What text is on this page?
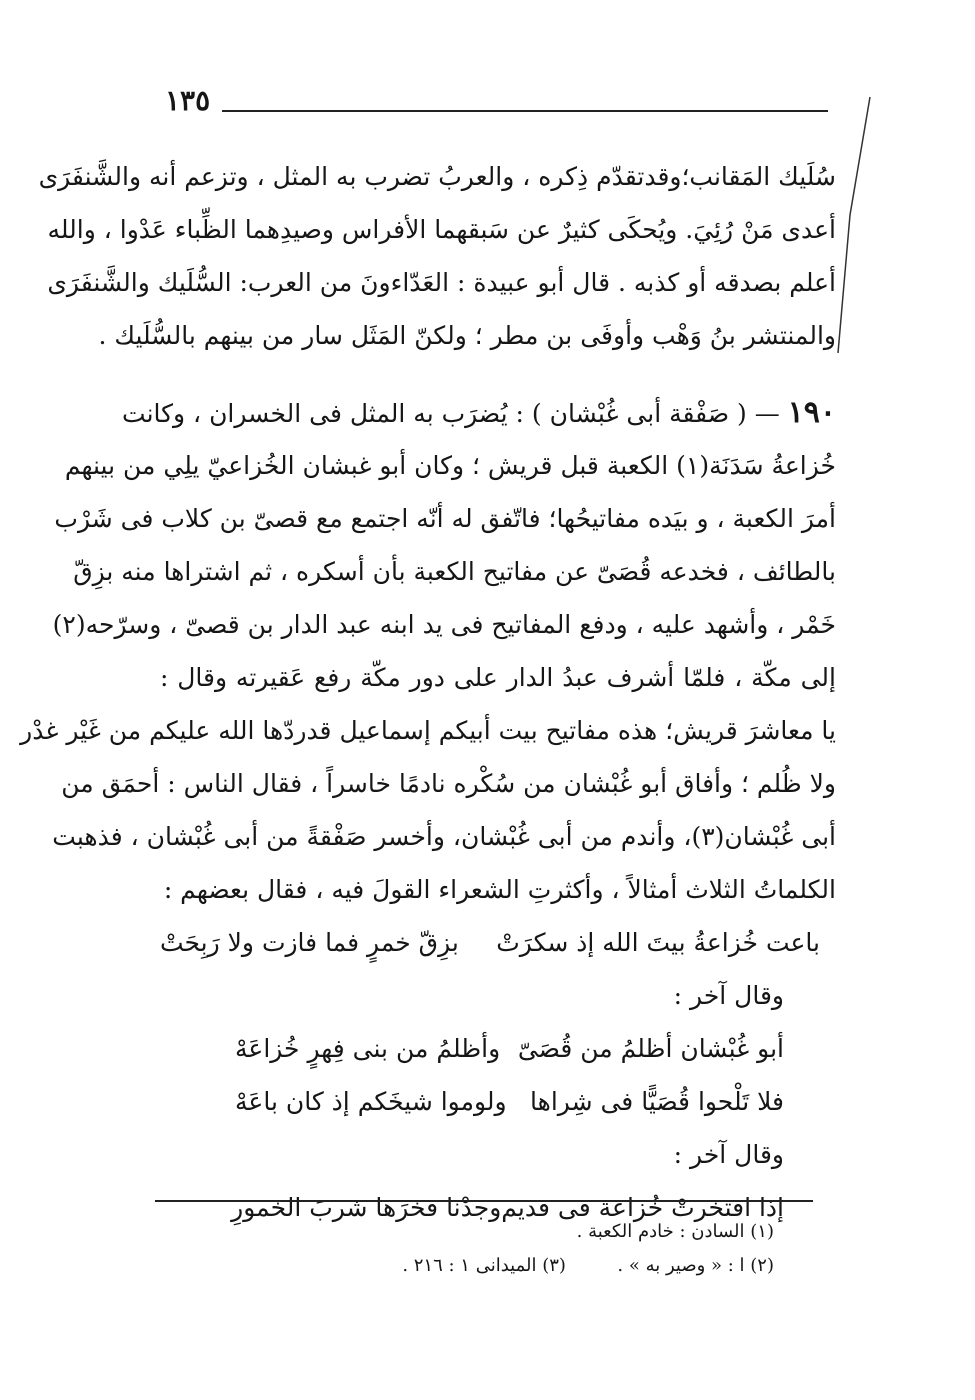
١٣٥
سُلَيك المَقانب؛وقدتقدّم ذِكره ، والعربُ تضرب به المثل ، وتزعم أنه والشَّنفَرَى
أعدى مَنْ رُئِيَ. ويُحكَى كثيرٌ عن سَبقهما الأفراس وصيدِهما الظِّباء عَدْوا ، والله
أعلم بصدقه أو كذبه . قال أبو عبيدة : العَدّاءونَ من العرب: السُّلَيك والشَّنفَرَى
والمنتشر بنُ وَهْب وأوفَى بن مطر ؛ ولكنّ المَثَل سار من بينهم بالسُّلَيك .
١٩٠ — ( صَفْقة أبى غُبْشان ) : يُضرَب به المثل فى الخسران ، وكانت
خُزاعةُ سَدَنَة(١) الكعبة قبل قريش ؛ وكان أبو غبشان الخُزاعيّ يلِي من بينهم
أمرَ الكعبة ، و بيَده مفاتيحُها؛ فاتّفق له أنّه اجتمع مع قصىّ بن كلاب فى شَرْب
بالطائف ، فخدعه قُصَىّ عن مفاتيح الكعبة بأن أسكره ، ثم اشتراها منه بزِقّ
خَمْر ، وأشهد عليه ، ودفع المفاتيح فى يد ابنه عبد الدار بن قصىّ ، وسرّحه(٢)
إلى مكّة ، فلمّا أشرف عبدُ الدار على دور مكّة رفع عَقيرته وقال :
يا معاشرَ قريش؛ هذه مفاتيح بيت أبيكم إسماعيل قدردّها الله عليكم من غَيْر غدْر
ولا ظُلم ؛ وأفاق أبو غُبْشان من سُكْره نادمًا خاسراً ، فقال الناس : أحمَق من
أبى غُبْشان(٣)، وأندم من أبى غُبْشان، وأخسر صَفْقةً من أبى غُبْشان ، فذهبت
الكلماتُ الثلاث أمثالاً ، وأكثرتِ الشعراء القولَ فيه ، فقال بعضهم :
باعت خُزاعةُ بيتَ الله إذ سكرَتْ
بزِقّ خمرٍ فما فازت ولا رَبِحَتْ
وقال آخر :
أبو غُبْشان أظلمُ من قُصَىّ
وأظلمُ من بنى فِهرٍ خُزاعَهْ
فلا تَلْحوا قُصَيًّا فى شِراها
ولوموا شيخَكم إذ كان باعَهْ
وقال آخر :
إذا افتخرتْ خُزاعة فى قديم
وجدْنا فخرَها شربَ الخمورِ
(١) السادن : خادم الكعبة .
(٢) ا : « وصير به » .  (٣) الميدانى ١ : ٢١٦ .
